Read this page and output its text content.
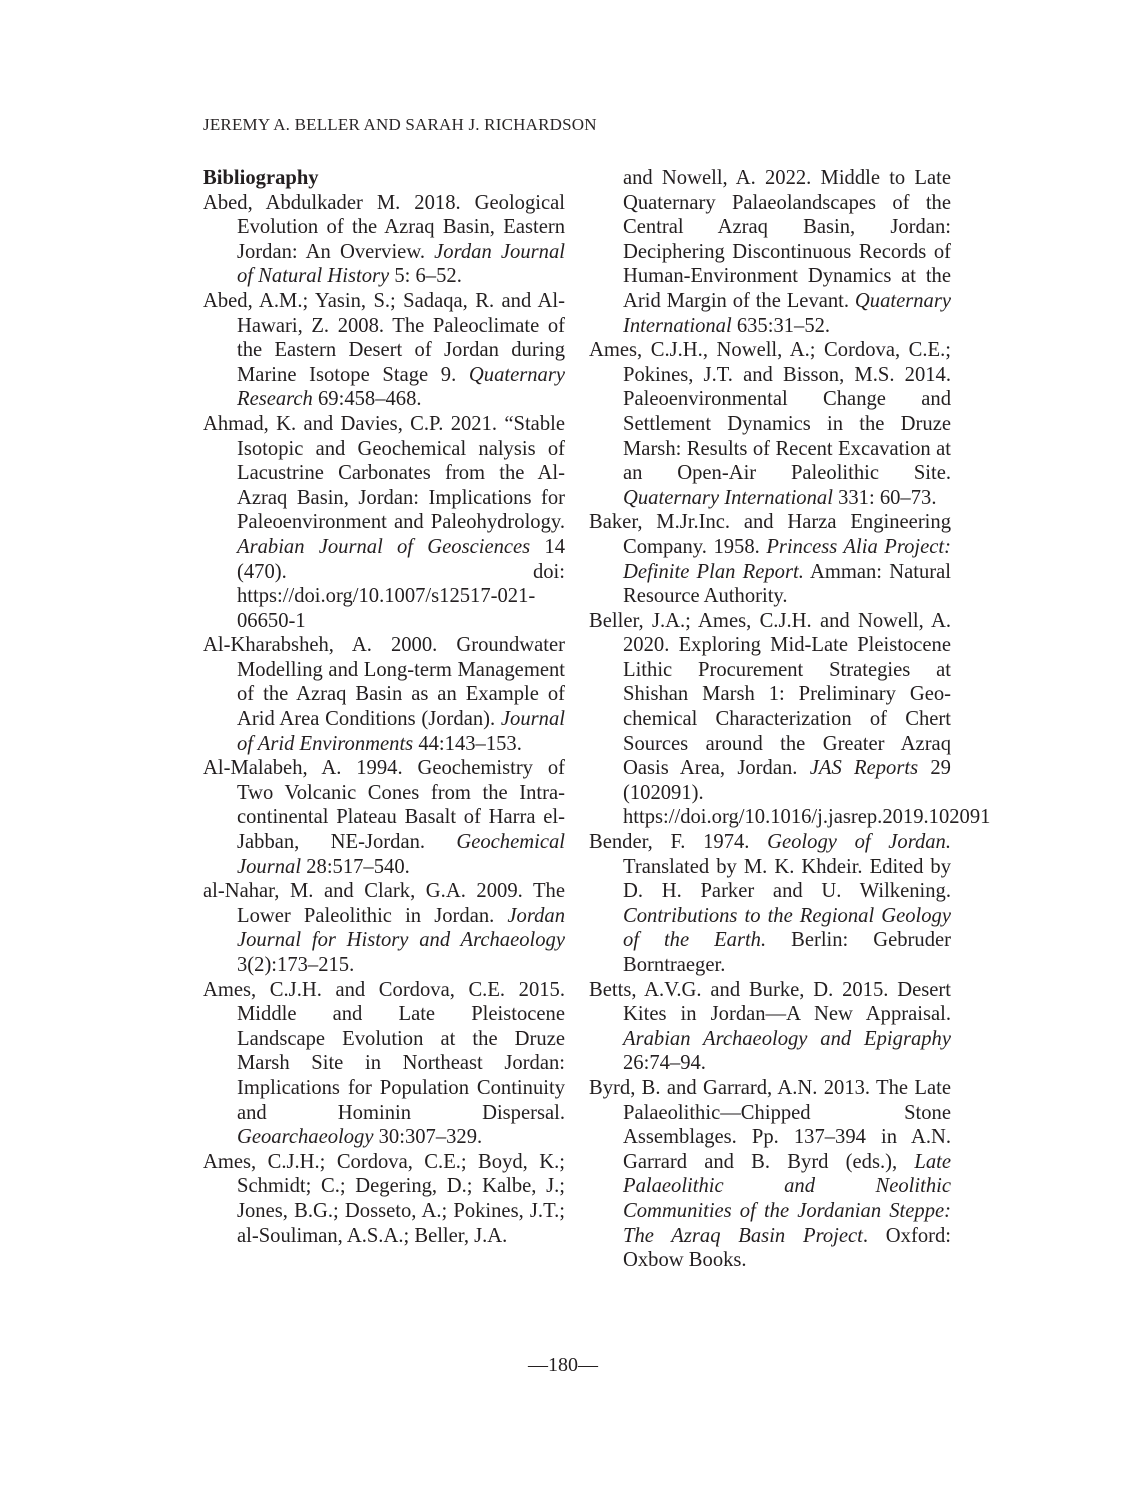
JEREMY A. BELLER AND SARAH J. RICHARDSON
Bibliography

Abed, Abdulkader M. 2018. Geological Evolution of the Azraq Basin, Eastern Jordan: An Overview. Jordan Journal of Natural History 5: 6–52.

Abed, A.M.; Yasin, S.; Sadaqa, R. and Al-Hawari, Z. 2008. The Paleoclimate of the Eastern Desert of Jordan during Marine Isotope Stage 9. Quaternary Research 69:458–468.

Ahmad, K. and Davies, C.P. 2021. “Stable Isotopic and Geochemical nalysis of Lacustrine Carbonates from the Al-Azraq Basin, Jordan: Implications for Paleoenvironment and Paleohydrology. Arabian Journal of Geosciences 14 (470). doi: https://doi.org/10.1007/s12517-021-06650-1

Al-Kharabsheh, A. 2000. Groundwater Modelling and Long-term Management of the Azraq Basin as an Example of Arid Area Conditions (Jordan). Journal of Arid Environments 44:143–153.

Al-Malabeh, A. 1994. Geochemistry of Two Volcanic Cones from the Intra-continental Plateau Basalt of Harra el-Jabban, NE-Jordan. Geochemical Journal 28:517–540.

al-Nahar, M. and Clark, G.A. 2009. The Lower Paleolithic in Jordan. Jordan Journal for History and Archaeology 3(2):173–215.

Ames, C.J.H. and Cordova, C.E. 2015. Middle and Late Pleistocene Landscape Evolution at the Druze Marsh Site in Northeast Jordan: Implications for Population Continuity and Hominin Dispersal. Geoarchaeology 30:307–329.

Ames, C.J.H.; Cordova, C.E.; Boyd, K.; Schmidt; C.; Degering, D.; Kalbe, J.; Jones, B.G.; Dosseto, A.; Pokines, J.T.; al-Souliman, A.S.A.; Beller, J.A.

and Nowell, A. 2022. Middle to Late Quaternary Palaeolandscapes of the Central Azraq Basin, Jordan: Deciphering Discontinuous Records of Human-Environment Dynamics at the Arid Margin of the Levant. Quaternary International 635:31–52.

Ames, C.J.H., Nowell, A.; Cordova, C.E.; Pokines, J.T. and Bisson, M.S. 2014. Paleoenvironmental Change and Settlement Dynamics in the Druze Marsh: Results of Recent Excavation at an Open-Air Paleolithic Site. Quaternary International 331: 60–73.

Baker, M.Jr.Inc. and Harza Engineering Company. 1958. Princess Alia Project: Definite Plan Report. Amman: Natural Resource Authority.

Beller, J.A.; Ames, C.J.H. and Nowell, A. 2020. Exploring Mid-Late Pleistocene Lithic Procurement Strategies at Shishan Marsh 1: Preliminary Geochemical Characterization of Chert Sources around the Greater Azraq Oasis Area, Jordan. JAS Reports 29 (102091). https://doi.org/10.1016/j.jasrep.2019.102091

Bender, F. 1974. Geology of Jordan. Translated by M. K. Khdeir. Edited by D. H. Parker and U. Wilkening. Contributions to the Regional Geology of the Earth. Berlin: Gebruder Borntraeger.

Betts, A.V.G. and Burke, D. 2015. Desert Kites in Jordan—A New Appraisal. Arabian Archaeology and Epigraphy 26:74–94.

Byrd, B. and Garrard, A.N. 2013. The Late Palaeolithic—Chipped Stone Assemblages. Pp. 137–394 in A.N. Garrard and B. Byrd (eds.), Late Palaeolithic and Neolithic Communities of the Jordanian Steppe: The Azraq Basin Project. Oxford: Oxbow Books.

—180—
